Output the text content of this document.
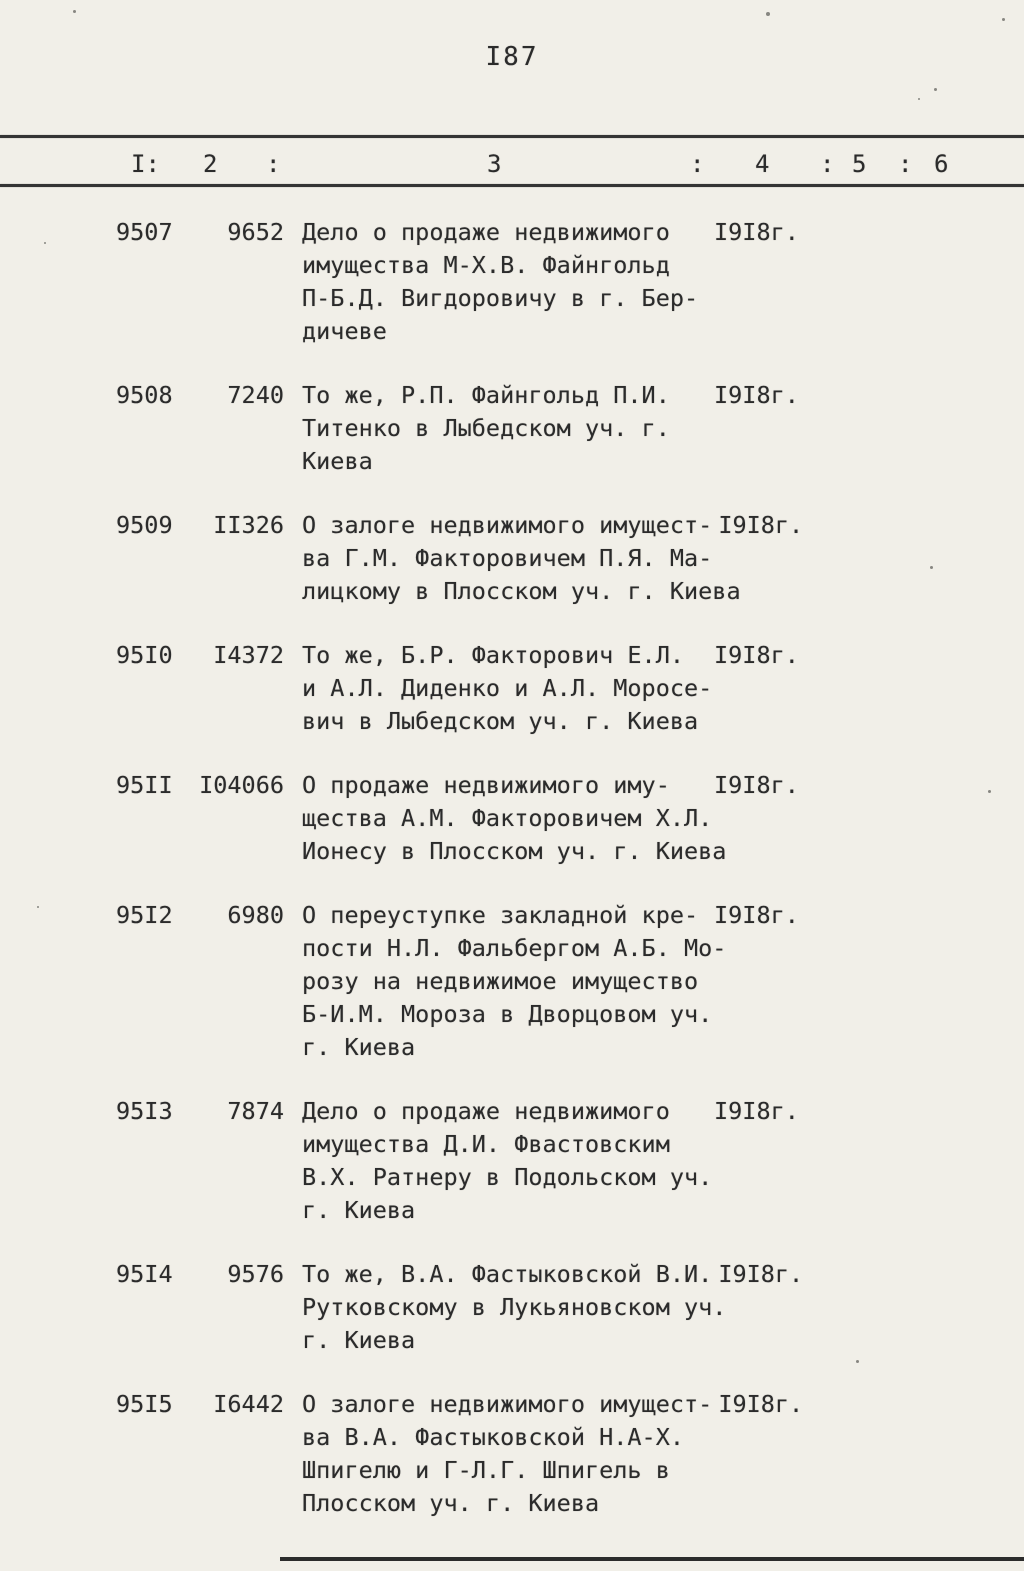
I87
I: 2 :	3	: 4 : 5 : 6
9507	9652 Дело о продаже недвижимого	I9I8г.
имущества М-Х.В. Файнгольд
П-Б.Д. Вигдоровичу в г. Бер-
дичеве
9508	7240 То же, Р.П. Файнгольд П.И.	I9I8г.
Титенко в Лыбедском уч. г.
Киева
9509	II326 О залоге недвижимого имущест- I9I8г.
ва Г.М. Факторовичем П.Я. Ма-
лицкому в Плосском уч. г. Киева
95I0	I4372 То же, Б.Р. Факторович Е.Л.	I9I8г.
и А.Л. Диденко и А.Л. Моросе-
вич в Лыбедском уч. г. Киева
95II	I04066 О продаже недвижимого иму-	I9I8г.
щества А.М. Факторовичем Х.Л.
Ионесу в Плосском уч. г. Киева
95I2	6980 О переуступке закладной кре- I9I8г.
пости Н.Л. Фальбергом А.Б. Мо-
розу на недвижимое имущество
Б-И.М. Мороза в Дворцовом уч.
г. Киева
95I3	7874 Дело о продаже недвижимого	I9I8г.
имущества Д.И. Фвастовским
В.Х. Ратнеру в Подольском уч.
г. Киева
95I4	9576 То же, В.А. Фастыковской В.И. I9I8г.
Рутковскому в Лукьяновском уч.
г. Киева
95I5	I6442 О залоге недвижимого имущест- I9I8г.
ва В.А. Фастыковской Н.А-Х.
Шпигелю и Г-Л.Г. Шпигель в
Плосском уч. г. Киева
